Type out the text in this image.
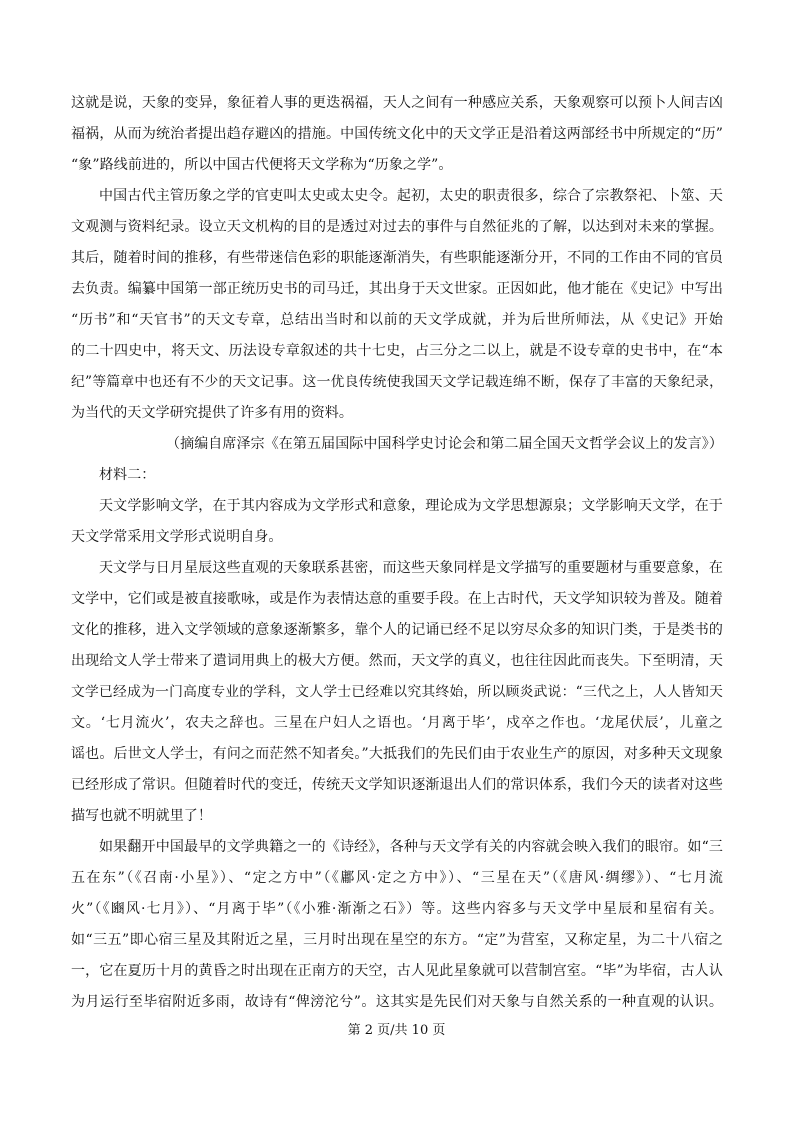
这就是说，天象的变异，象征着人事的更迭祸福，天人之间有一种感应关系，天象观察可以预卜人间吉凶
福祸，从而为统治者提出趋存避凶的措施。中国传统文化中的天文学正是沿着这两部经书中所规定的“历”
“象”路线前进的，所以中国古代便将天文学称为“历象之学”。
中国古代主管历象之学的官吏叫太史或太史令。起初，太史的职责很多，综合了宗教祭祀、卜筮、天
文观测与资料纪录。设立天文机构的目的是透过对过去的事件与自然征兆的了解，以达到对未来的掌握。
其后，随着时间的推移，有些带迷信色彩的职能逐渐消失，有些职能逐渐分开，不同的工作由不同的官员
去负责。编纂中国第一部正统历史书的司马迁，其出身于天文世家。正因如此，他才能在《史记》中写出
“历书”和“天官书”的天文专章，总结出当时和以前的天文学成就，并为后世所师法，从《史记》开始
的二十四史中，将天文、历法设专章叙述的共十七史，占三分之二以上，就是不设专章的史书中，在“本
纪”等篇章中也还有不少的天文记事。这一优良传统使我国天文学记载连绵不断，保存了丰富的天象纪录，
为当代的天文学研究提供了许多有用的资料。
（摘编自席泽宗《在第五届国际中国科学史讨论会和第二届全国天文哲学会议上的发言》）
材料二：
天文学影响文学，在于其内容成为文学形式和意象，理论成为文学思想源泉；文学影响天文学，在于
天文学常采用文学形式说明自身。
天文学与日月星辰这些直观的天象联系甚密，而这些天象同样是文学描写的重要题材与重要意象，在
文学中，它们或是被直接歌咏，或是作为表情达意的重要手段。在上古时代，天文学知识较为普及。随着
文化的推移，进入文学领域的意象逐渐繁多，靠个人的记诵已经不足以穷尽众多的知识门类，于是类书的
出现给文人学士带来了遣词用典上的极大方便。然而，天文学的真义，也往往因此而丧失。下至明清，天
文学已经成为一门高度专业的学科，文人学士已经难以究其终始，所以顾炎武说：“三代之上，人人皆知天
文。‘七月流火’，农夫之辞也。三星在户妇人之语也。‘月离于毕’，戍卒之作也。‘龙尾伏辰’，儿童之
谣也。后世文人学士，有问之而茫然不知者矣。”大抵我们的先民们由于农业生产的原因，对多种天文现象
已经形成了常识。但随着时代的变迁，传统天文学知识逐渐退出人们的常识体系，我们今天的读者对这些
描写也就不明就里了！
如果翻开中国最早的文学典籍之一的《诗经》，各种与天文学有关的内容就会映入我们的眼帘。如“三
五在东”（《召南·小星》）、“定之方中”（《鄘风·定之方中》）、“三星在天”（《唐风·绸缪》）、“七月流
火”（《豳风·七月》）、“月离于毕”（《小雅·渐渐之石》）等。这些内容多与天文学中星辰和星宿有关。
如“三五”即心宿三星及其附近之星，三月时出现在星空的东方。“定”为营室，又称定星，为二十八宿之
一，它在夏历十月的黄昏之时出现在正南方的天空，古人见此星象就可以营制宫室。“毕”为毕宿，古人认
为月运行至毕宿附近多雨，故诗有“俾滂沱兮”。这其实是先民们对天象与自然关系的一种直观的认识。
第 2 页/共 10 页
